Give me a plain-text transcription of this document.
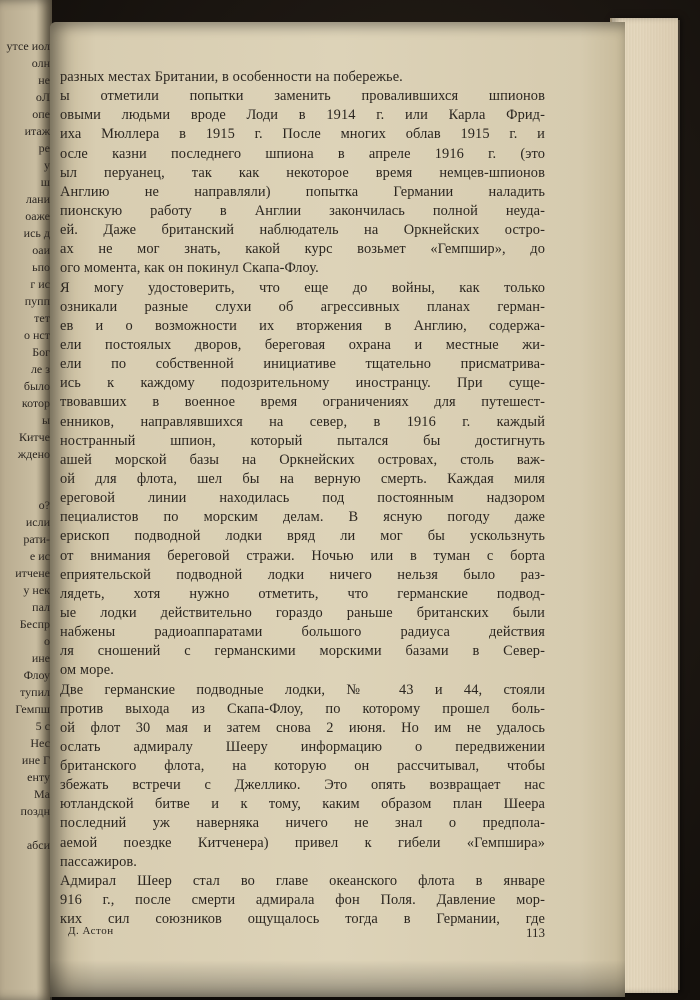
утсе иол
олн
не
оЛ
опе
итаж
ре
у
ш
лани
оаже
ись д
оаи
ьпо
г ис
пупп
тет
о нст
Бог
ле з
было
котор
ы
Китче
ждено
о?
исли
рати-
е ис
итчене
у нек
пал
Беспр
о
ине
Флоу
тупил
Гемпш
5 с
Нес
ине Г
енту
Ма
поздн
абси
разных местах Британии, в особенности на побережье.
ы отметили попытки заменить провалившихся шпионов
овыми людьми вроде Лоди в 1914 г. или Карла Фрид-
иха Мюллера в 1915 г. После многих облав 1915 г. и
осле казни последнего шпиона в апреле 1916 г. (это
ыл перуанец, так как некоторое время немцев-шпионов
Англию не направляли) попытка Германии наладить
пионскую работу в Англии закончилась полной неуда-
ей. Даже британский наблюдатель на Оркнейских остро-
ах не мог знать, какой курс возьмет «Гемпшир», до
ого момента, как он покинул Скапа-Флоу.
Я могу удостоверить, что еще до войны, как только
озникали разные слухи об агрессивных планах герман-
ев и о возможности их вторжения в Англию, содержа-
ели постоялых дворов, береговая охрана и местные жи-
ели по собственной инициативе тщательно присматрива-
ись к каждому подозрительному иностранцу. При суще-
твовавших в военное время ограничениях для путешест-
енников, направлявшихся на север, в 1916 г. каждый
ностранный шпион, который пытался бы достигнуть
ашей морской базы на Оркнейских островах, столь важ-
ой для флота, шел бы на верную смерть. Каждая миля
ереговой линии находилась под постоянным надзором
пециалистов по морским делам. В ясную погоду даже
ерископ подводной лодки вряд ли мог бы ускользнуть
от внимания береговой стражи. Ночью или в туман с борта
еприятельской подводной лодки ничего нельзя было раз-
лядеть, хотя нужно отметить, что германские подвод-
ые лодки действительно гораздо раньше британских были
набжены радиоаппаратами большого радиуса действия
ля сношений с германскими морскими базами в Север-
ом море.
Две германские подводные лодки, № 43 и 44, стояли
против выхода из Скапа-Флоу, по которому прошел боль-
ой флот 30 мая и затем снова 2 июня. Но им не удалось
ослать адмиралу Шееру информацию о передвижении
британского флота, на которую он рассчитывал, чтобы
збежать встречи с Джеллико. Это опять возвращает нас
ютландской битве и к тому, каким образом план Шеера
последний уж наверняка ничего не знал о предпола-
аемой поездке Китченера) привел к гибели «Гемпшира»
пассажиров.
Адмирал Шеер стал во главе океанского флота в январе
916 г., после смерти адмирала фон Поля. Давление мор-
ких сил союзников ощущалось тогда в Германии, где
Д. Астон	113
